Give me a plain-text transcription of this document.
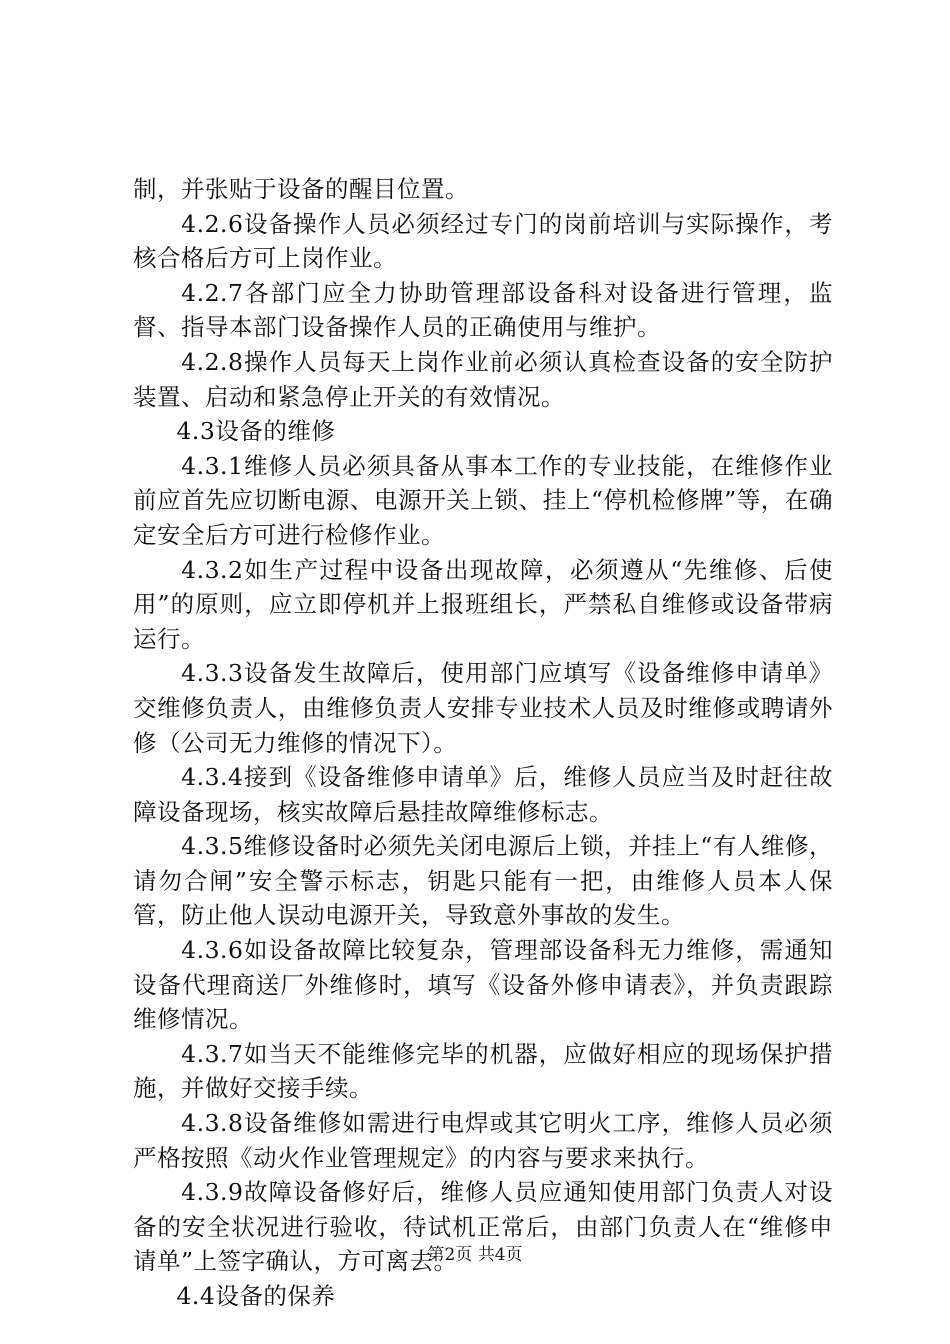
制，并张贴于设备的醒目位置。

4.2.6设备操作人员必须经过专门的岗前培训与实际操作，考核合格后方可上岗作业。

4.2.7各部门应全力协助管理部设备科对设备进行管理，监督、指导本部门设备操作人员的正确使用与维护。

4.2.8操作人员每天上岗作业前必须认真检查设备的安全防护装置、启动和紧急停止开关的有效情况。

4.3设备的维修

4.3.1维修人员必须具备从事本工作的专业技能，在维修作业前应首先应切断电源、电源开关上锁、挂上“停机检修牌”等，在确定安全后方可进行检修作业。

4.3.2如生产过程中设备出现故障，必须遵从“先维修、后使用”的原则，应立即停机并上报班组长，严禁私自维修或设备带病运行。

4.3.3设备发生故障后，使用部门应填写《设备维修申请单》交维修负责人，由维修负责人安排专业技术人员及时维修或聘请外修（公司无力维修的情况下）。

4.3.4接到《设备维修申请单》后，维修人员应当及时赶往故障设备现场，核实故障后悬挂故障维修标志。

4.3.5维修设备时必须先关闭电源后上锁，并挂上“有人维修，请勿合闸”安全警示标志，钥匙只能有一把，由维修人员本人保管，防止他人误动电源开关，导致意外事故的发生。

4.3.6如设备故障比较复杂，管理部设备科无力维修，需通知设备代理商送厂外维修时，填写《设备外修申请表》，并负责跟踪维修情况。

4.3.7如当天不能维修完毕的机器，应做好相应的现场保护措施，并做好交接手续。

4.3.8设备维修如需进行电焊或其它明火工序，维修人员必须严格按照《动火作业管理规定》的内容与要求来执行。

4.3.9故障设备修好后，维修人员应通知使用部门负责人对设备的安全状况进行验收，待试机正常后，由部门负责人在“维修申请单”上签字确认，方可离去。

4.4设备的保养

第2页 共4页
